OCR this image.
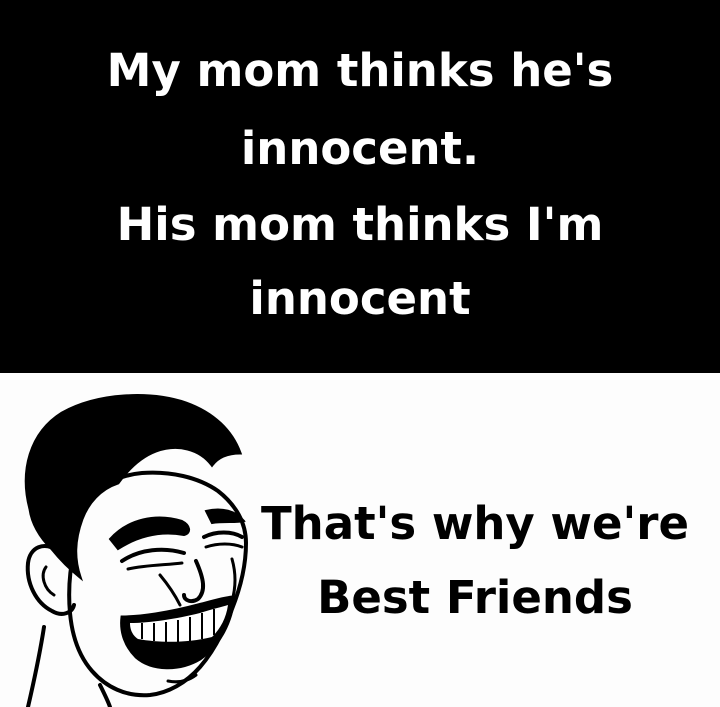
My mom thinks he's
innocent.
His mom thinks I'm
innocent
That's why we're
Best Friends
